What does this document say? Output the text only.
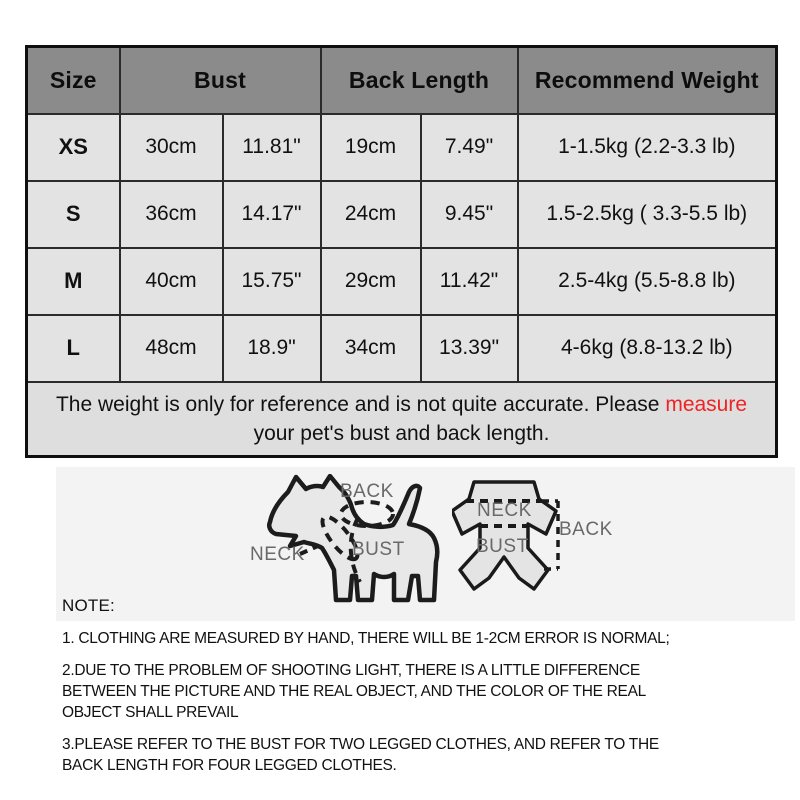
Size	Bust		Back Length		Recommend Weight
XS	30cm	11.81"	19cm	7.49"	1-1.5kg (2.2-3.3 lb)
S	36cm	14.17"	24cm	9.45"	1.5-2.5kg ( 3.3-5.5 lb)
M	40cm	15.75"	29cm	11.42"	2.5-4kg (5.5-8.8 lb)
L	48cm	18.9"	34cm	13.39"	4-6kg (8.8-13.2 lb)

The weight is only for reference and is not quite accurate. Please measure
your pet's bust and back length.					
BACK
NECK BUST
NECK
BUST
BACK
NOTE:
1. CLOTHING ARE MEASURED BY HAND, THERE WILL BE 1-2CM ERROR IS NORMAL;
2.DUE TO THE PROBLEM OF SHOOTING LIGHT, THERE IS A LITTLE DIFFERENCE
BETWEEN THE PICTURE AND THE REAL OBJECT, AND THE COLOR OF THE REAL
OBJECT SHALL PREVAIL
3.PLEASE REFER TO THE BUST FOR TWO LEGGED CLOTHES, AND REFER TO THE
BACK LENGTH FOR FOUR LEGGED CLOTHES.
